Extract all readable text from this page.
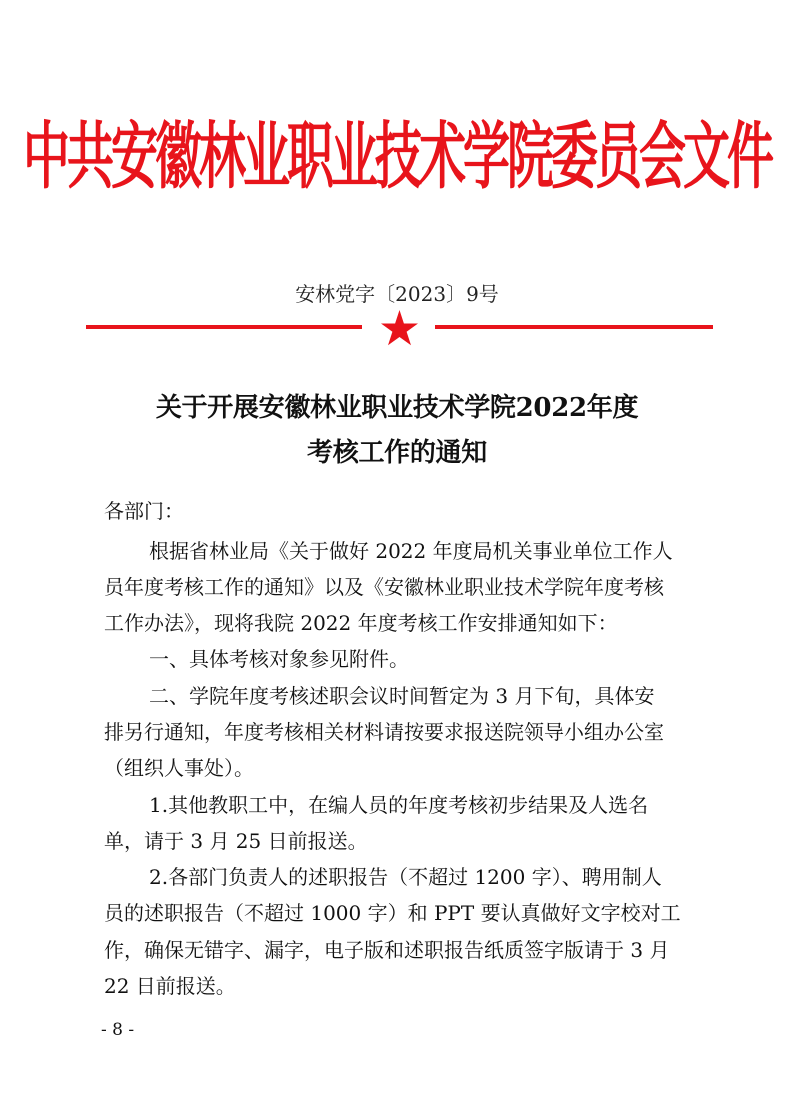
中共安徽林业职业技术学院委员会文件
安林党字〔2023〕9号
关于开展安徽林业职业技术学院2022年度
考核工作的通知
各部门：
根据省林业局《关于做好 2022 年度局机关事业单位工作人
员年度考核工作的通知》以及《安徽林业职业技术学院年度考核
工作办法》，现将我院 2022 年度考核工作安排通知如下：
一、具体考核对象参见附件。
二、学院年度考核述职会议时间暂定为 3 月下旬，具体安
排另行通知，年度考核相关材料请按要求报送院领导小组办公室
（组织人事处）。
1.其他教职工中，在编人员的年度考核初步结果及人选名
单，请于 3 月 25 日前报送。
2.各部门负责人的述职报告（不超过 1200 字）、聘用制人
员的述职报告（不超过 1000 字）和 PPT 要认真做好文字校对工
作，确保无错字、漏字，电子版和述职报告纸质签字版请于 3 月
22 日前报送。
- 8 -
